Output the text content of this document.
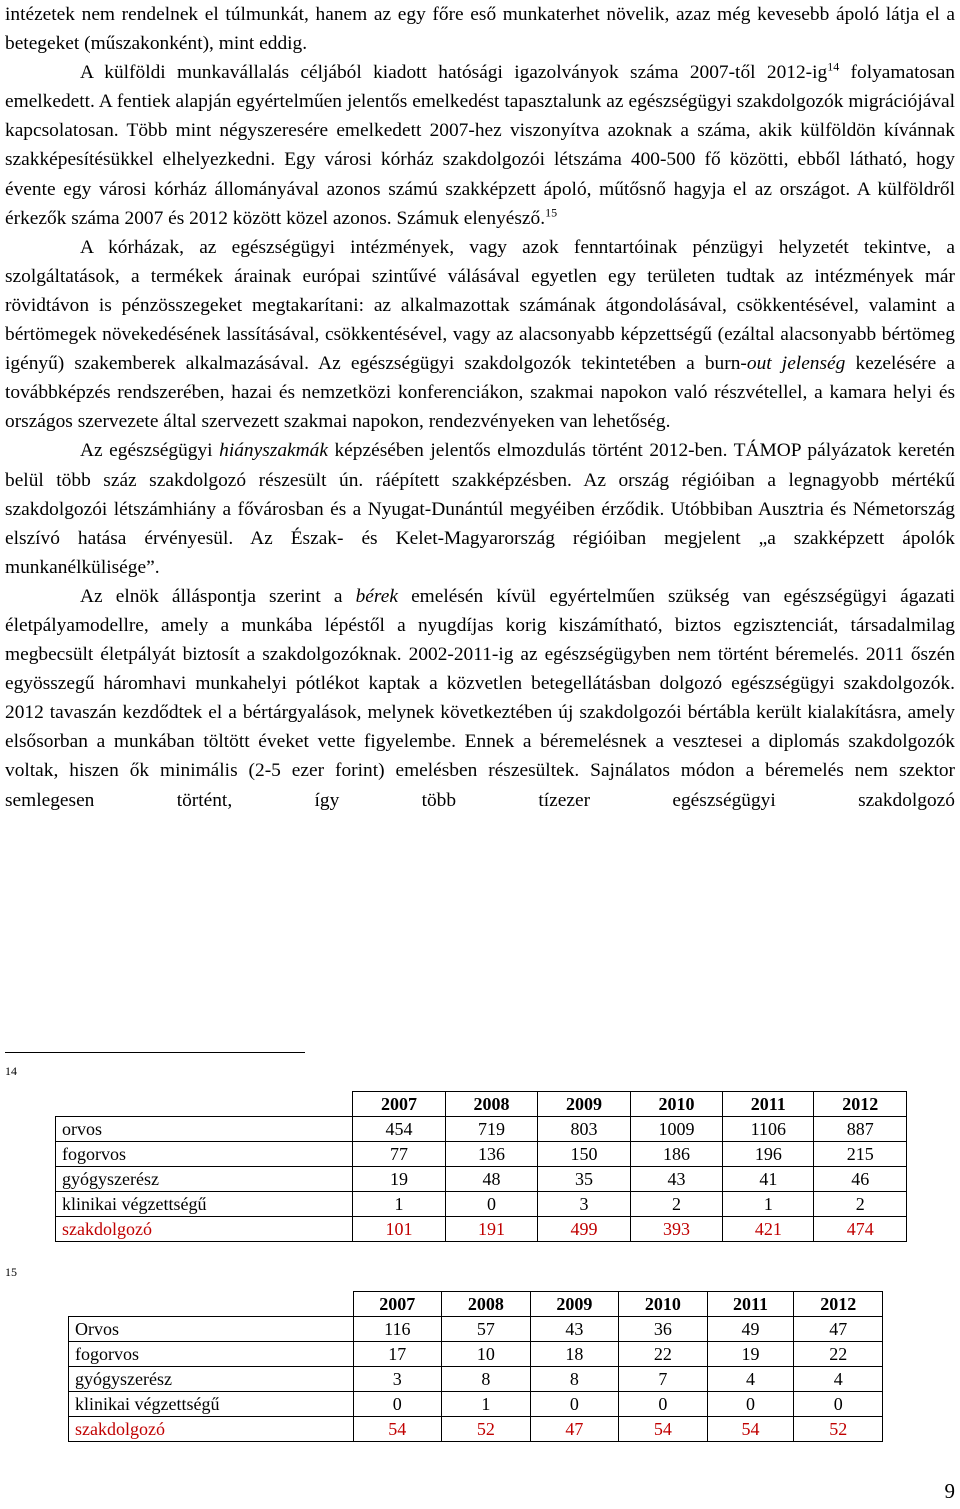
intézetek nem rendelnek el túlmunkát, hanem az egy főre eső munkaterhet növelik, azaz még kevesebb ápoló látja el a betegeket (műszakonként), mint eddig.

A külföldi munkavállalás céljából kiadott hatósági igazolványok száma 2007-től $2012-ig^{14}$ folyamatosan emelkedett. A fentiek alapján egyértelműen jelentős emelkedést tapasztalunk az egészségügyi szakdolgozók migrációjával kapcsolatosan. Több mint négyszeresére emelkedett 2007-hez viszonyítva azoknak a száma, akik külföldön kívánnak szakképesítésükkel elhelyezkedni. Egy városi kórház szakdolgozói létszáma 400-500 fő közötti, ebből látható, hogy évente egy városi kórház állományával azonos számú szakképzett ápoló, műtősnő hagyja el az országot. A külföldről érkezők száma 2007 és 2012 között közel azonos. Számuk elenyésző.$^{15}$

A kórházak, az egészségügyi intézmények, vagy azok fenntartóinak pénzügyi helyzetét tekintve, a szolgáltatások, a termékek árainak európai szintűvé válásával egyetlen egy területen tudtak az intézmények már rövidtávon is pénzösszegeket megtakarítani: az alkalmazottak számának átgondolásával, csökkentésével, valamint a bértömegek növekedésének lassításával, csökkentésével, vagy az alacsonyabb képzettségű (ezáltal alacsonyabb bértömeg igényű) szakemberek alkalmazásával. Az egészségügyi szakdolgozók tekintetében a burn-out jelenség kezelésére a továbbképzés rendszerében, hazai és nemzetközi konferenciákon, szakmai napokon való részvétellel, a kamara helyi és országos szervezete által szervezett szakmai napokon, rendezvényeken van lehetőség.

Az egészségügyi hiányszakmák képzésében jelentős elmozdulás történt 2012-ben. TÁMOP pályázatok keretén belül több száz szakdolgozó részesült ún. ráépített szakképzésben. Az ország régióiban a legnagyobb mértékű szakdolgozói létszámhiány a fővárosban és a Nyugat-Dunántúl megyéiben érződik. Utóbbiban Ausztria és Németország elszívó hatása érvényesül. Az Észak- és Kelet-Magyarország régióiban megjelent „a szakképzett ápolók munkanélkülisége”.

Az elnök álláspontja szerint a bérek emelésén kívül egyértelműen szükség van egészségügyi ágazati életpályamodellre, amely a munkába lépéstől a nyugdíjas korig kiszámítható, biztos egzisztenciát, társadalmilag megbecsült életpályát biztosít a szakdolgozóknak. 2002-2011-ig az egészségügyben nem történt béremelés. 2011 őszén egyösszegű háromhavi munkahelyi pótlékot kaptak a közvetlen betegellátásban dolgozó egészségügyi szakdolgozók. 2012 tavaszán kezdődtek el a bértárgyalások, melynek következtében új szakdolgozói bértábla került kialakításra, amely elsősorban a munkában töltött éveket vette figyelembe. Ennek a béremelésnek a vesztesei a diplomás szakdolgozók voltak, hiszen ők minimális (2-5 ezer forint) emelésben részesültek. Sajnálatos módon a béremelés nem szektor semlegesen történt, így több tízezer egészségügyi szakdolgozó

14
	2007	2008	2009	2010	2011	2012
orvos	454	719	803	1009	1106	887
fogorvos	77	136	150	186	196	215
gyógyszerész	19	48	35	43	41	46
klinikai végzettségű	1	0	3	2	1	2
szakdolgozó	101	191	499	393	421	474
15
	2007	2008	2009	2010	2011	2012
Orvos	116	57	43	36	49	47
fogorvos	17	10	18	22	19	22
gyógyszerész	3	8	8	7	4	4
klinikai végzettségű	0	1	0	0	0	0
szakdolgozó	54	52	47	54	54	52
9
